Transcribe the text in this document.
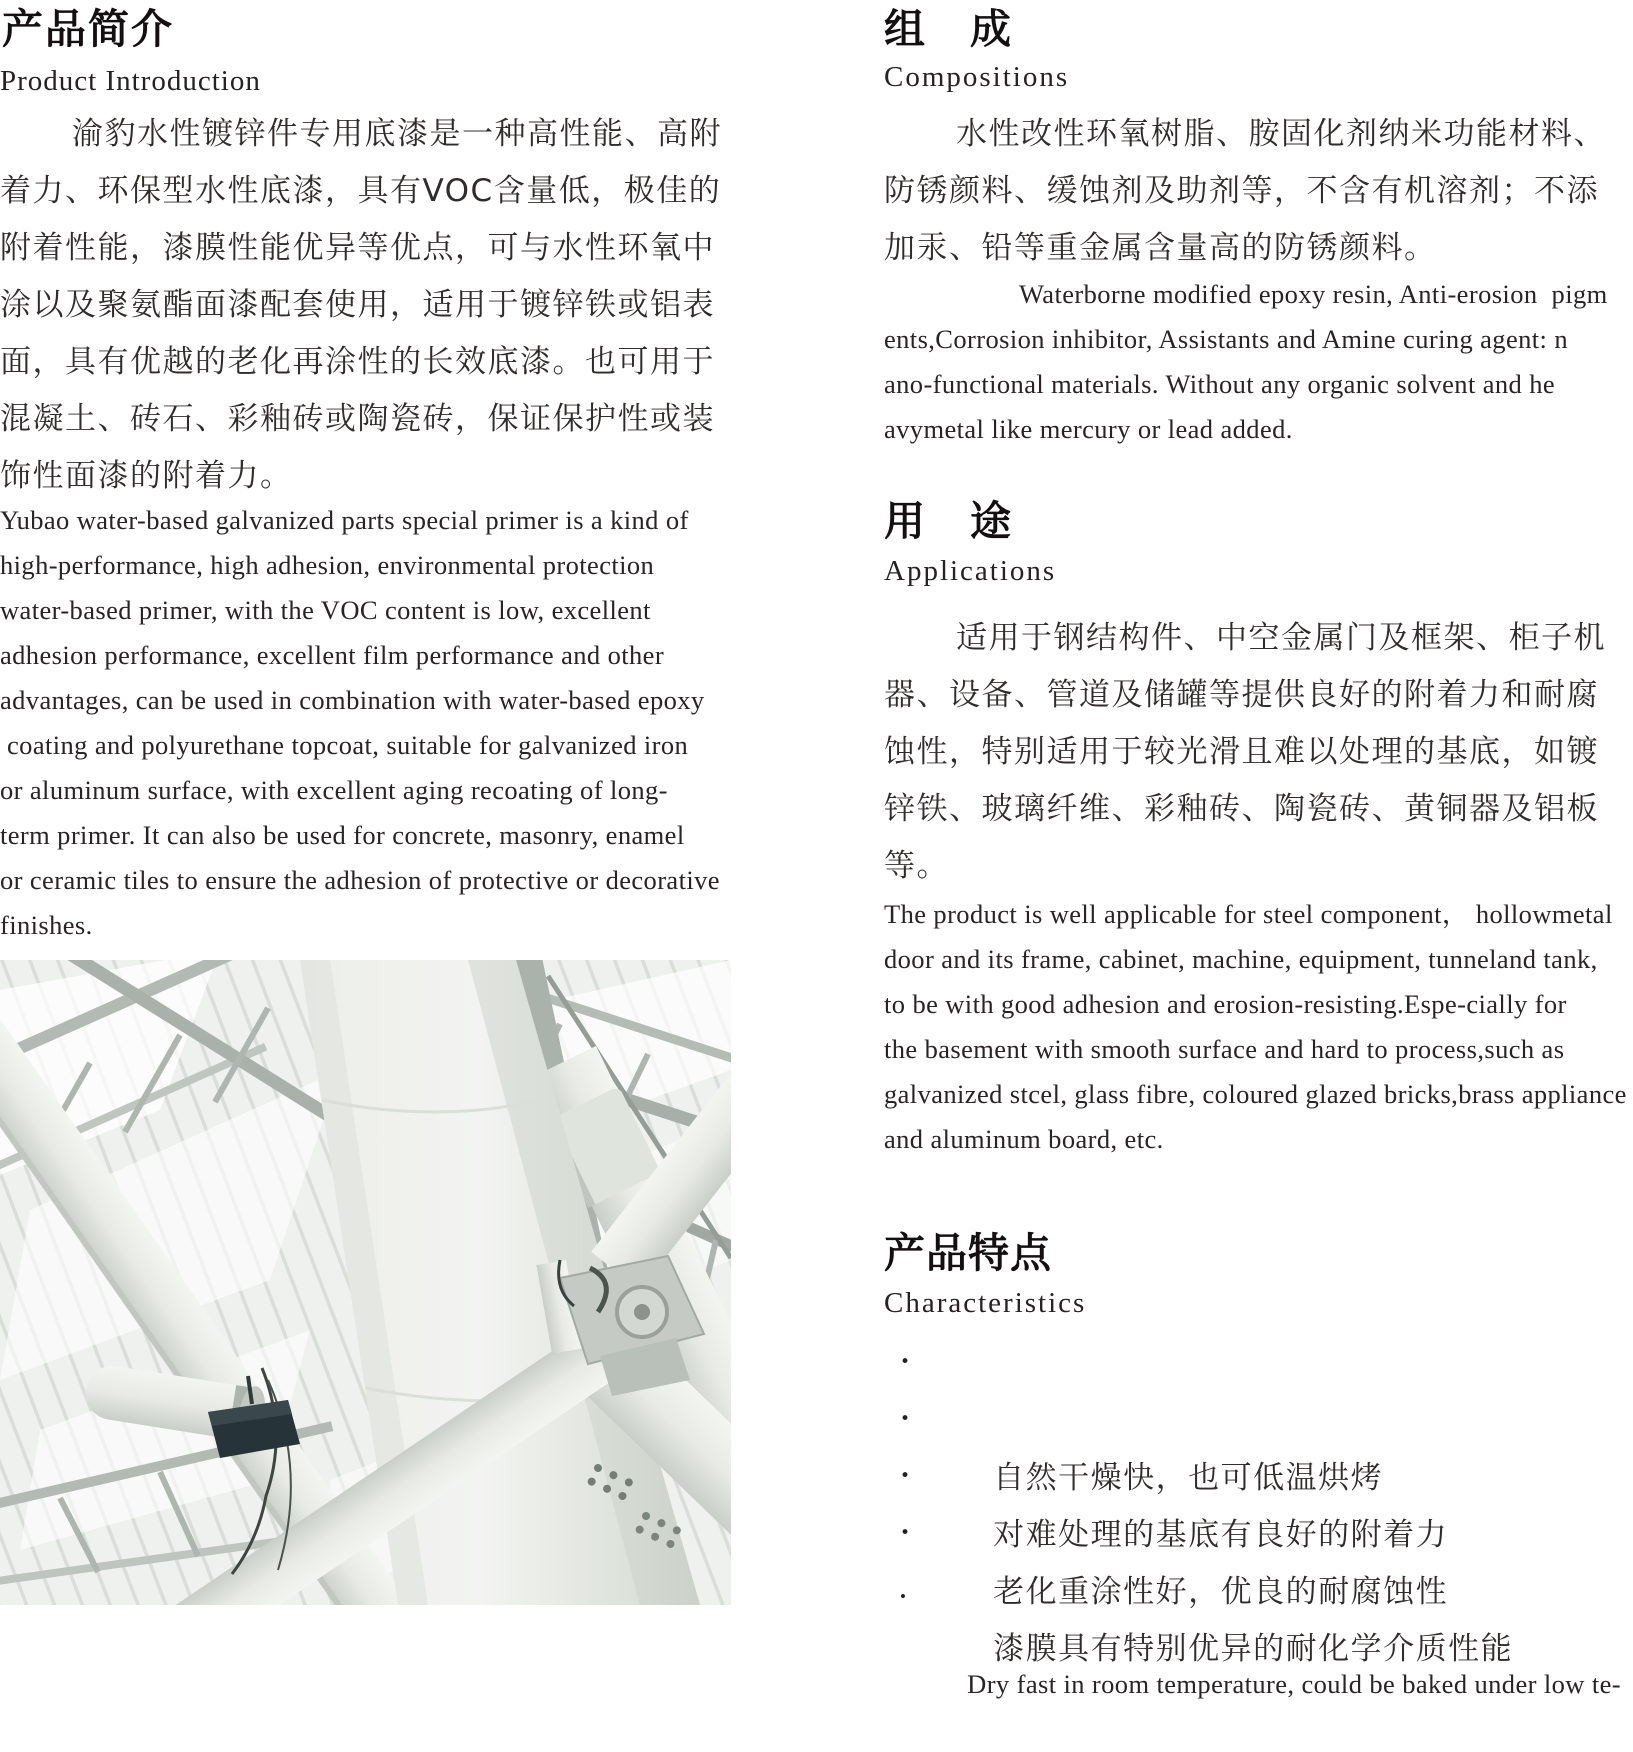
产品简介
Product Introduction
渝豹水性镀锌件专用底漆是一种高性能、高附
着力、环保型水性底漆，具有VOC含量低，极佳的
附着性能，漆膜性能优异等优点，可与水性环氧中
涂以及聚氨酯面漆配套使用，适用于镀锌铁或铝表
面，具有优越的老化再涂性的长效底漆。也可用于
混凝土、砖石、彩釉砖或陶瓷砖，保证保护性或装
饰性面漆的附着力。
Yubao water-based galvanized parts special primer is a kind of
high-performance, high adhesion, environmental protection
water-based primer, with the VOC content is low, excellent
adhesion performance, excellent film performance and other
advantages, can be used in combination with water-based epoxy
coating and polyurethane topcoat, suitable for galvanized iron
or aluminum surface, with excellent aging recoating of long-
term primer. It can also be used for concrete, masonry, enamel
or ceramic tiles to ensure the adhesion of protective or decorative
finishes.
组　成
Compositions
水性改性环氧树脂、胺固化剂纳米功能材料、
防锈颜料、缓蚀剂及助剂等，不含有机溶剂；不添
加汞、铅等重金属含量高的防锈颜料。
Waterborne modified epoxy resin, Anti-erosion  pigm
ents,Corrosion inhibitor, Assistants and Amine curing agent: n
ano-functional materials. Without any organic solvent and he
avymetal like mercury or lead added.
用　途
Applications
适用于钢结构件、中空金属门及框架、柜子机
器、设备、管道及储罐等提供良好的附着力和耐腐
蚀性，特别适用于较光滑且难以处理的基底，如镀
锌铁、玻璃纤维、彩釉砖、陶瓷砖、黄铜器及铝板
等。
The product is well applicable for steel component， hollowmetal
door and its frame, cabinet, machine, equipment, tunneland tank,
to be with good adhesion and erosion-resisting.Espe-cially for
the basement with smooth surface and hard to process,such as
galvanized stcel, glass fibre, coloured glazed bricks,brass appliance
and aluminum board, etc.
产品特点
Characteristics

•

自然干燥快，也可低温烘烤

•

对难处理的基底有良好的附着力

•

老化重涂性好，优良的耐腐蚀性

•

漆膜具有特别优异的耐化学介质性能

•

Dry fast in room temperature, could be baked under low te-
